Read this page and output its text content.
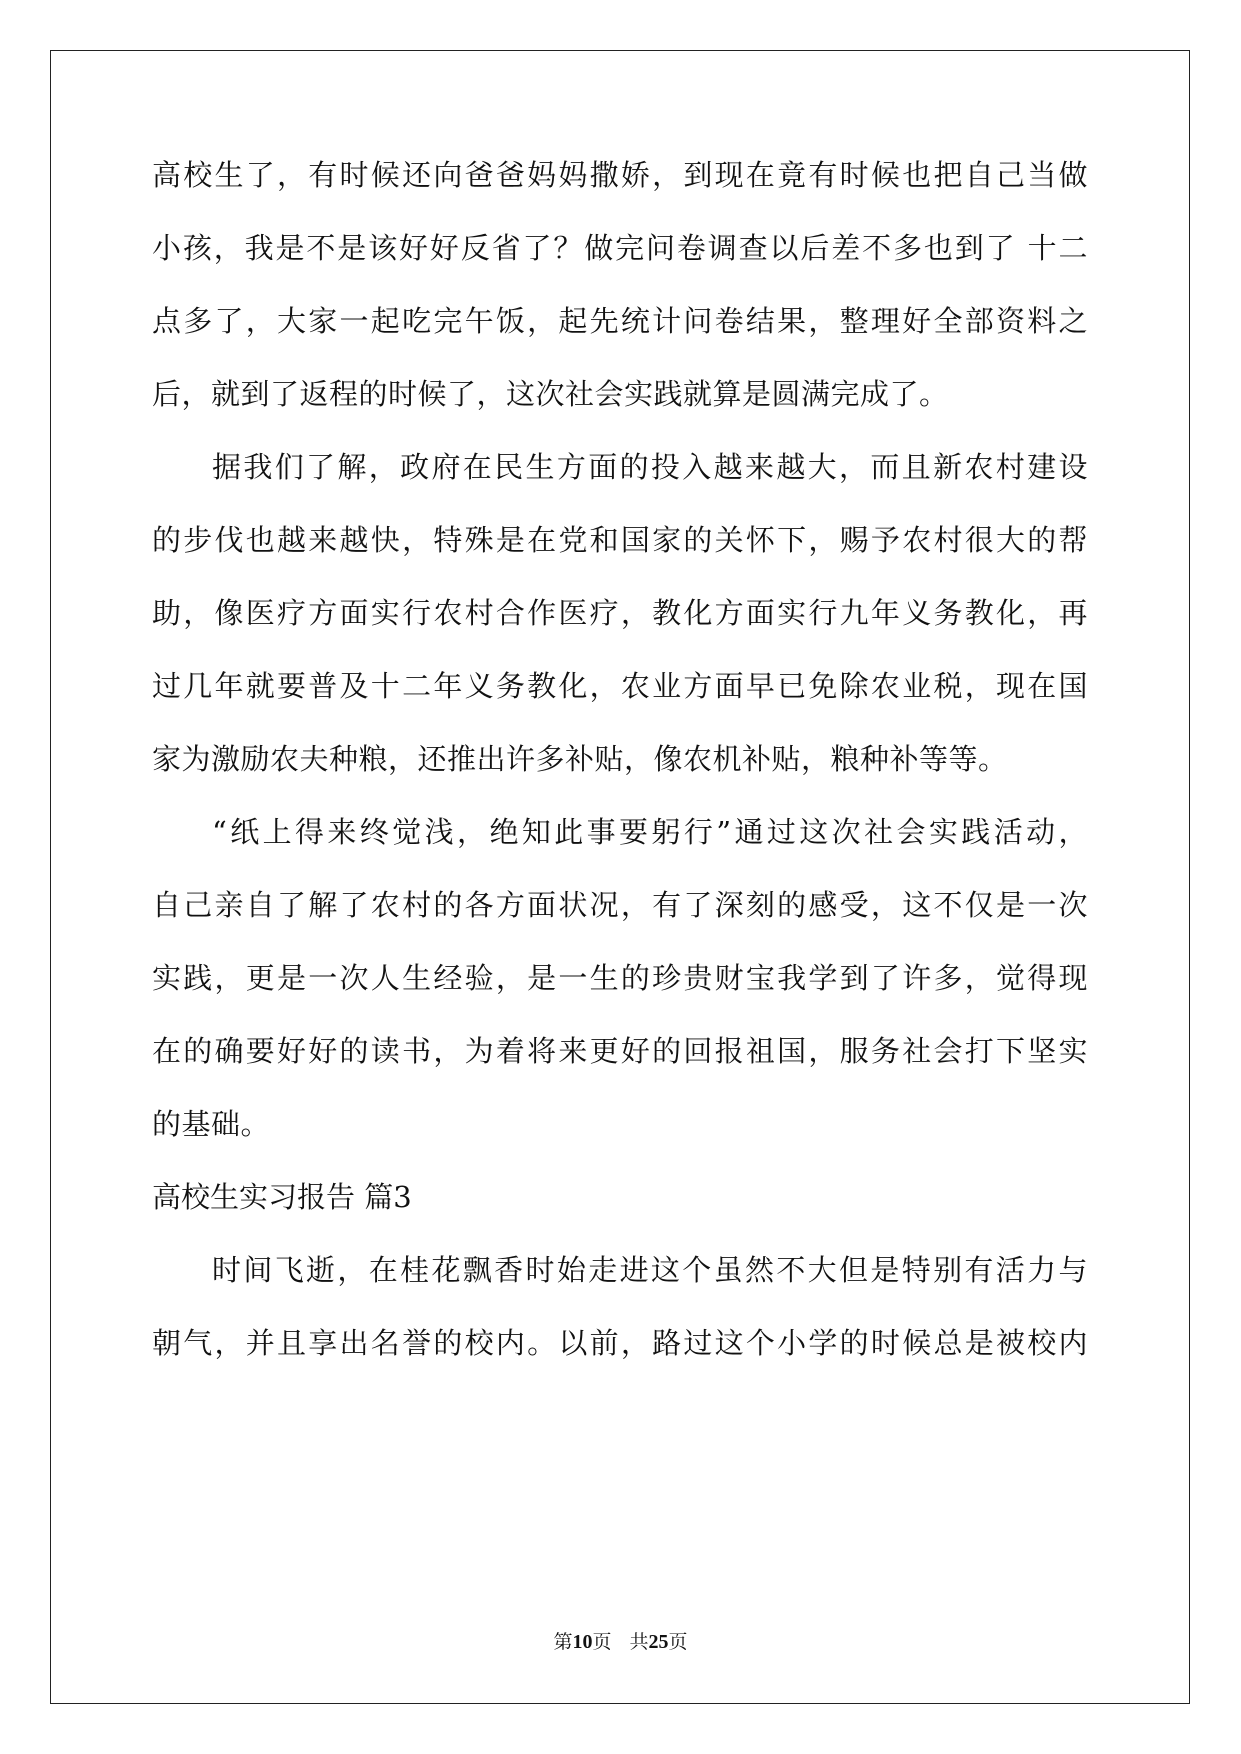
高校生了，有时候还向爸爸妈妈撒娇，到现在竟有时候也把自己当做
小孩，我是不是该好好反省了？做完问卷调查以后差不多也到了 十二
点多了，大家一起吃完午饭，起先统计问卷结果，整理好全部资料之
后，就到了返程的时候了，这次社会实践就算是圆满完成了。
据我们了解，政府在民生方面的投入越来越大，而且新农村建设
的步伐也越来越快，特殊是在党和国家的关怀下，赐予农村很大的帮
助，像医疗方面实行农村合作医疗，教化方面实行九年义务教化，再
过几年就要普及十二年义务教化，农业方面早已免除农业税，现在国
家为激励农夫种粮，还推出许多补贴，像农机补贴，粮种补等等。
“纸上得来终觉浅，绝知此事要躬行”通过这次社会实践活动，
自己亲自了解了农村的各方面状况，有了深刻的感受，这不仅是一次
实践，更是一次人生经验，是一生的珍贵财宝我学到了许多，觉得现
在的确要好好的读书，为着将来更好的回报祖国，服务社会打下坚实
的基础。
高校生实习报告 篇3
时间飞逝，在桂花飘香时始走进这个虽然不大但是特别有活力与
朝气，并且享出名誉的校内。以前，路过这个小学的时候总是被校内
第10页 共25页
